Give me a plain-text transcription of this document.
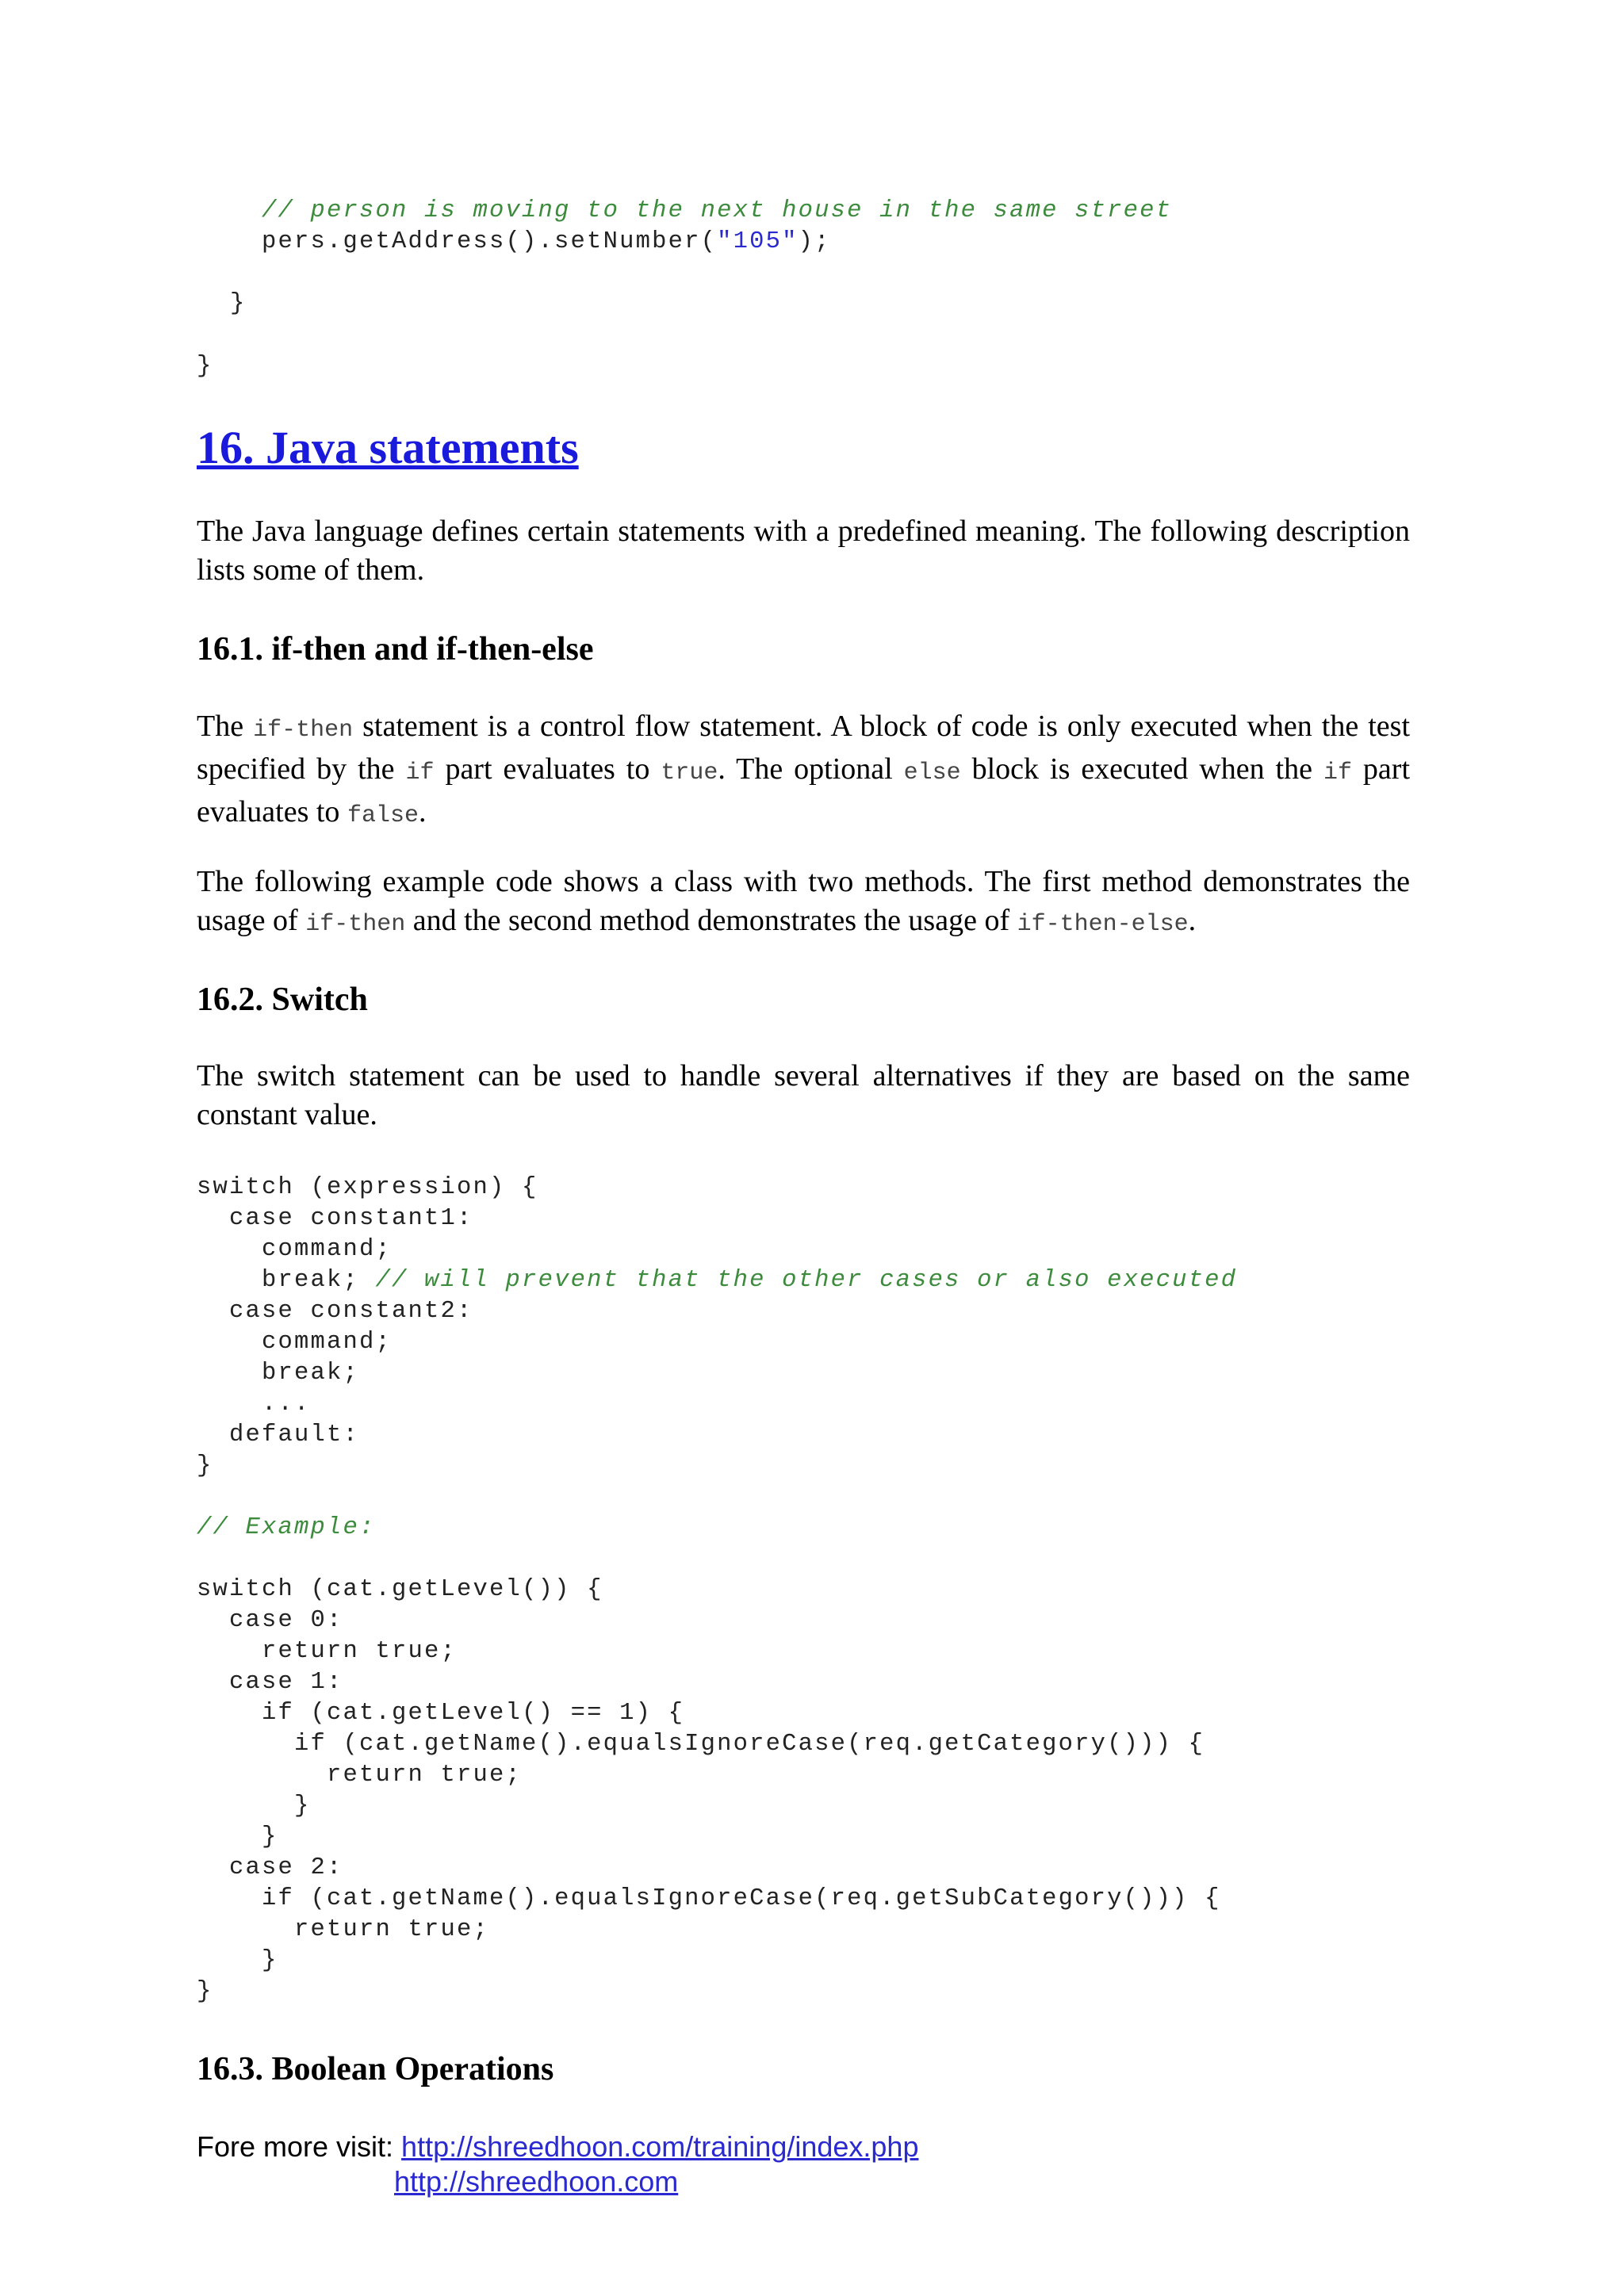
// person is moving to the next house in the same street
pers.getAddress().setNumber("105");
}
}
16. Java statements

The Java language defines certain statements with a predefined meaning. The following description lists some of them.

16.1. if-then and if-then-else

The if-then statement is a control flow statement. A block of code is only executed when the test specified by the if part evaluates to true. The optional else block is executed when the if part evaluates to false.

The following example code shows a class with two methods. The first method demonstrates the usage of if-then and the second method demonstrates the usage of if-then-else.

16.2. Switch

The switch statement can be used to handle several alternatives if they are based on the same constant value.

switch (expression) {
case constant1:
command;
break; // will prevent that the other cases or also executed
case constant2:
command;
break;
...
default:
}
// Example:
switch (cat.getLevel()) {
case 0:
return true;
case 1:
if (cat.getLevel() == 1) {
if (cat.getName().equalsIgnoreCase(req.getCategory())) {
return true;
}
}
case 2:
if (cat.getName().equalsIgnoreCase(req.getSubCategory())) {
return true;
}
}
16.3. Boolean Operations
Fore more visit: http://shreedhoon.com/training/index.php
http://shreedhoon.com
